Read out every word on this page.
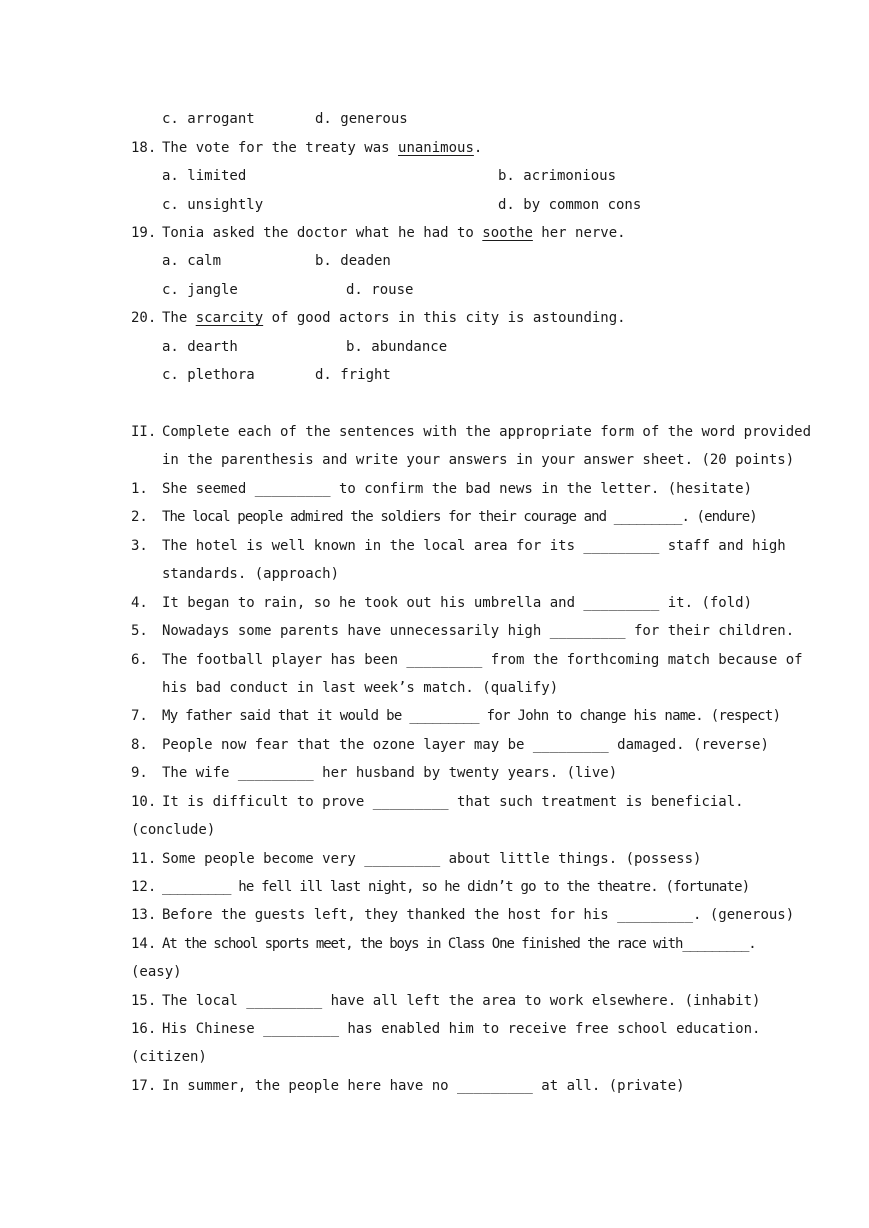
c. arrogant	d. generous
18. The vote for the treaty was unanimous.
a. limited	b. acrimonious
c. unsightly	d. by common cons
19. Tonia asked the doctor what he had to soothe her nerve.
a. calm	b. deaden
c. jangle	d. rouse
20. The scarcity of good actors in this city is astounding.
a. dearth	b. abundance
c. plethora	d. fright
II. Complete each of the sentences with the appropriate form of the word provided
in the parenthesis and write your answers in your answer sheet. (20 points)
1. She seemed _________ to confirm the bad news in the letter. (hesitate)
2. The local people admired the soldiers for their courage and _________. (endure)
3. The hotel is well known in the local area for its _________ staff and high
standards. (approach)
4. It began to rain, so he took out his umbrella and _________ it. (fold)
5. Nowadays some parents have unnecessarily high _________ for their children.
6. The football player has been _________ from the forthcoming match because of
his bad conduct in last week’s match. (qualify)
7. My father said that it would be _________ for John to change his name. (respect)
8. People now fear that the ozone layer may be _________ damaged. (reverse)
9. The wife _________ her husband by twenty years. (live)
10. It is difficult to prove _________ that such treatment is beneficial.
(conclude)
11. Some people become very _________ about little things. (possess)
12. _________ he fell ill last night, so he didn’t go to the theatre. (fortunate)
13. Before the guests left, they thanked the host for his _________. (generous)
14. At the school sports meet, the boys in Class One finished the race with_________.
(easy)
15. The local _________ have all left the area to work elsewhere. (inhabit)
16. His Chinese _________ has enabled him to receive free school education.
(citizen)
17. In summer, the people here have no _________ at all. (private)
